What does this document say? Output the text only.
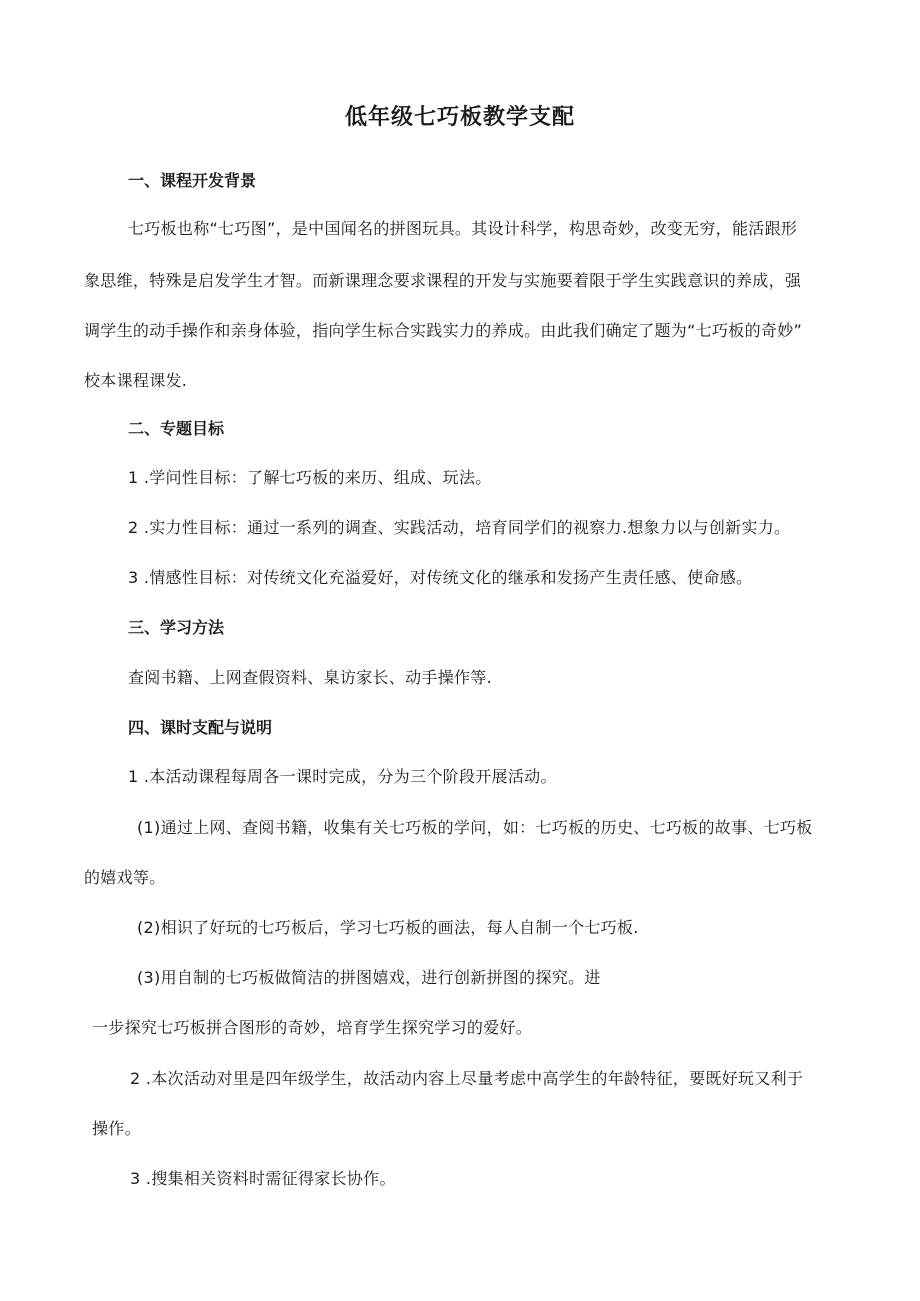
低年级七巧板教学支配
一、课程开发背景
七巧板也称“七巧图”，是中国闻名的拼图玩具。其设计科学，构思奇妙，改变无穷，能活跟形
象思维，特殊是启发学生才智。而新课理念要求课程的开发与实施要着限于学生实践意识的养成，强
调学生的动手操作和亲身体验，指向学生标合实践实力的养成。由此我们确定了题为“七巧板的奇妙”
校本课程课发.
二、专题目标
1 .学问性目标：了解七巧板的来历、组成、玩法。
2 .实力性目标：通过一系列的调查、实践活动，培育同学们的视察力.想象力以与创新实力。
3 .情感性目标：对传统文化充溢爱好，对传统文化的继承和发扬产生责任感、使命感。
三、学习方法
查阅书籍、上网查假资料、臬访家长、动手操作等.
四、课时支配与说明
1 .本活动课程每周各一课时完成，分为三个阶段开展活动。
(1)通过上网、查阅书籍，收集有关七巧板的学问，如：七巧板的历史、七巧板的故事、七巧板
的嬉戏等。
(2)相识了好玩的七巧板后，学习七巧板的画法，每人自制一个七巧板.
(3)用自制的七巧板做简洁的拼图嬉戏，进行创新拼图的探究。进
一步探究七巧板拼合图形的奇妙，培育学生探究学习的爱好。
2 .本次活动对里是四年级学生，故活动内容上尽量考虑中高学生的年龄特征，要既好玩又利于
操作。
3 .搜集相关资料时需征得家长协作。
